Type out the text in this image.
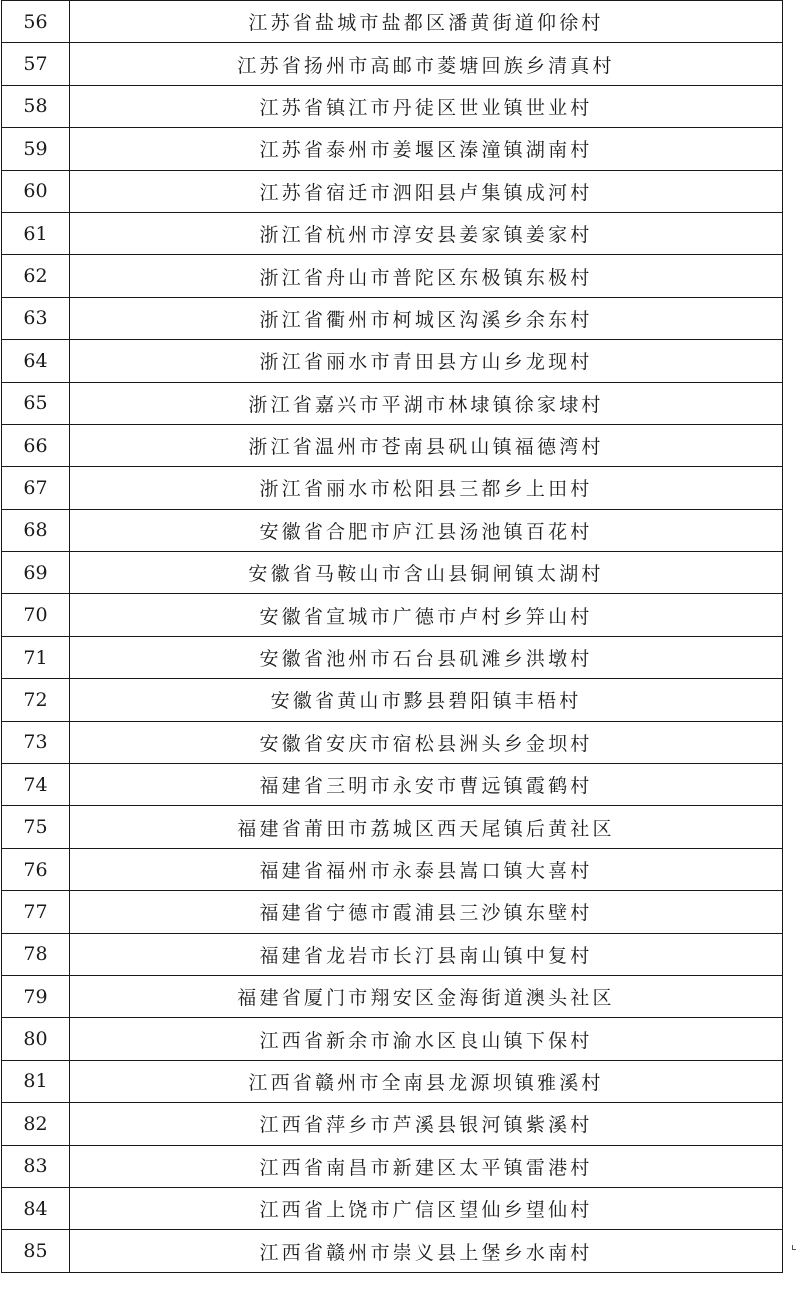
56	江苏省盐城市盐都区潘黄街道仰徐村
57	江苏省扬州市高邮市菱塘回族乡清真村
58	江苏省镇江市丹徒区世业镇世业村
59	江苏省泰州市姜堰区溱潼镇湖南村
60	江苏省宿迁市泗阳县卢集镇成河村
61	浙江省杭州市淳安县姜家镇姜家村
62	浙江省舟山市普陀区东极镇东极村
63	浙江省衢州市柯城区沟溪乡余东村
64	浙江省丽水市青田县方山乡龙现村
65	浙江省嘉兴市平湖市林埭镇徐家埭村
66	浙江省温州市苍南县矾山镇福德湾村
67	浙江省丽水市松阳县三都乡上田村
68	安徽省合肥市庐江县汤池镇百花村
69	安徽省马鞍山市含山县铜闸镇太湖村
70	安徽省宣城市广德市卢村乡笄山村
71	安徽省池州市石台县矶滩乡洪墩村
72	安徽省黄山市黟县碧阳镇丰梧村
73	安徽省安庆市宿松县洲头乡金坝村
74	福建省三明市永安市曹远镇霞鹤村
75	福建省莆田市荔城区西天尾镇后黄社区
76	福建省福州市永泰县嵩口镇大喜村
77	福建省宁德市霞浦县三沙镇东壁村
78	福建省龙岩市长汀县南山镇中复村
79	福建省厦门市翔安区金海街道澳头社区
80	江西省新余市渝水区良山镇下保村
81	江西省赣州市全南县龙源坝镇雅溪村
82	江西省萍乡市芦溪县银河镇紫溪村
83	江西省南昌市新建区太平镇雷港村
84	江西省上饶市广信区望仙乡望仙村
85	江西省赣州市崇义县上堡乡水南村
